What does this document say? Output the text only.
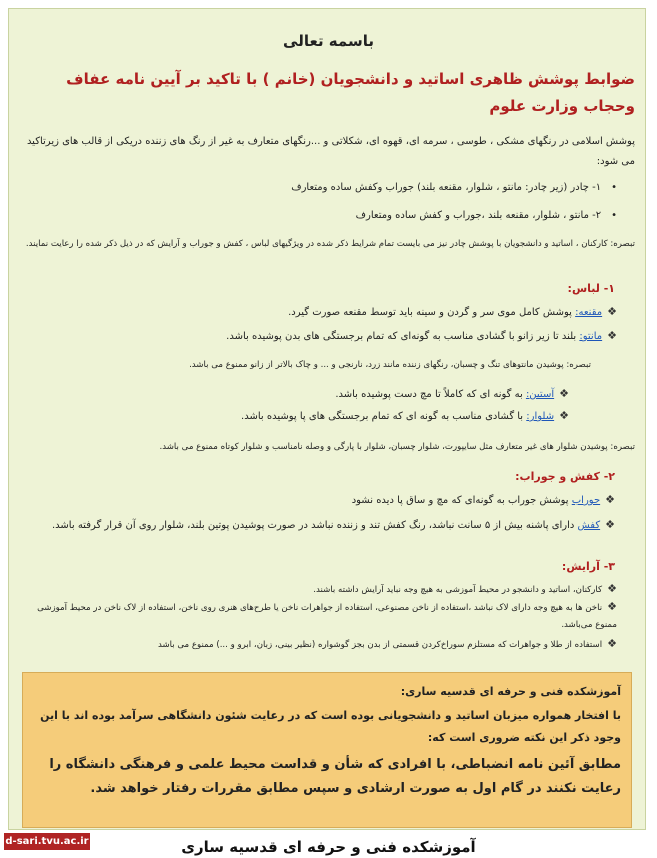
باسمه تعالی
ضوابط پوشش ظاهری اساتید و دانشجویان (خانم ) با تاکید بر آیین نامه عفاف وحجاب وزارت علوم
پوشش اسلامی در رنگهای مشکی ، طوسی ، سرمه ای، قهوه ای، شکلاتی و ...رنگهای متعارف به غیر از رنگ های زننده دریکی از قالب های زیرتاکید می شود:
•۱- چادر (زیر چادر: مانتو ، شلوار، مقنعه بلند) جوراب وکفش ساده ومتعارف
•۲- مانتو ، شلوار، مقنعه بلند ،جوراب و کفش ساده ومتعارف
تبصره: کارکنان ، اساتید و دانشجویان با پوشش چادر نیز می بایست تمام شرایط ذکر شده در ویژگیهای لباس ، کفش و جوراب و آرایش که در ذیل ذکر شده را رعایت نمایند.
۱- لباس:
❖مقنعه: پوشش کامل موی سر و گردن و سینه باید توسط مقنعه صورت گیرد.
❖مانتو: بلند تا زیر زانو با گشادی مناسب به گونه‌ای که تمام برجستگی های بدن پوشیده باشد.
تبصره: پوشیدن مانتوهای تنگ و چسبان، رنگهای زننده مانند زرد، نارنجی و ... و چاک بالاتر از زانو ممنوع می باشد.
❖آستین: به گونه ای که کاملاً تا مچ دست پوشیده باشد.
❖شلوار: با گشادی مناسب به گونه ای که تمام برجستگی های پا پوشیده باشد.
تبصره: پوشیدن شلوار های غیر متعارف مثل سایپورت، شلوار چسبان، شلوار با پارگی و وصله نامناسب و شلوار کوتاه ممنوع می باشد.
۲- کفش و جوراب:
❖جوراب پوشش جوراب به گونه‌ای که مچ و ساق پا دیده نشود
❖کفش دارای پاشنه بیش از ۵ سانت نباشد، رنگ کفش تند و زننده نباشد در صورت پوشیدن پوتین بلند، شلوار روی آن قرار گرفته باشد.
۳- آرایش:
❖کارکنان، اساتید و دانشجو در محیط آموزشی به هیچ وجه نباید آرایش داشته باشند.
❖ناخن ها به هیچ وجه دارای لاک نباشد ،استفاده از ناخن مصنوعی، استفاده از جواهرات ناخن یا طرح‌های هنری روی ناخن، استفاده از لاک ناخن در محیط آموزشی ممنوع می‌باشد.
❖استفاده از طلا و جواهرات که مستلزم سوراخ‌کردن قسمتی از بدن بجز گوشواره (نظیر بینی، زبان، ابرو و ...) ممنوع می باشد
آموزشکده فنی و حرفه ای قدسیه ساری:
با افتخار همواره میزبان اساتید و دانشجویانی بوده است که در رعایت شئون دانشگاهی سرآمد بوده اند با این وجود ذکر این نکته ضروری است که:
مطابق آئین نامه انضباطی، با افرادی که شأن و قداست محیط علمی و فرهنگی دانشگاه را رعایت نکنند در گام اول به صورت ارشادی و سپس مطابق مقررات رفتار خواهد شد.
d-sari.tvu.ac.ir	آموزشکده فنی و حرفه ای قدسیه ساری
